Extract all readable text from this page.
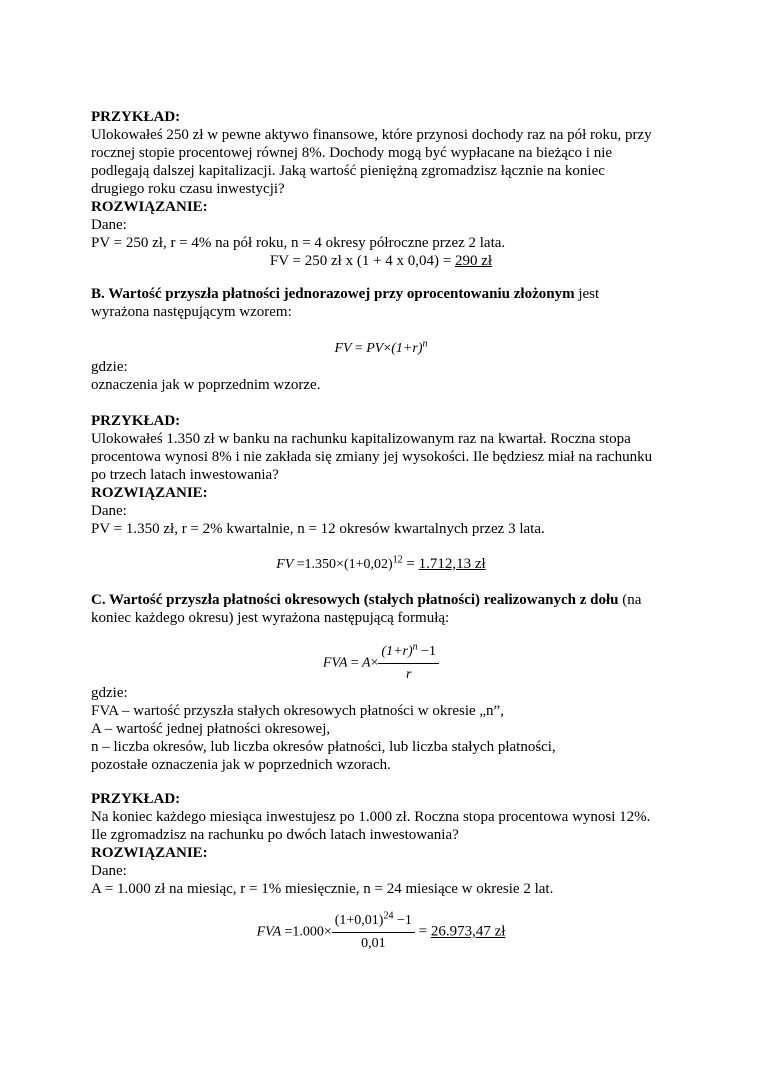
PRZYKŁAD:
Ulokowałeś 250 zł w pewne aktywo finansowe, które przynosi dochody raz na pół roku, przy
rocznej stopie procentowej równej 8%. Dochody mogą być wypłacane na bieżąco i nie
podlegają dalszej kapitalizacji. Jaką wartość pieniężną zgromadzisz łącznie na koniec
drugiego roku czasu inwestycji?
ROZWIĄZANIE:
Dane:
PV = 250 zł, r = 4% na pół roku, n = 4 okresy półroczne przez 2 lata.
FV = 250 zł x (1 + 4 x 0,04) = 290 zł
B. Wartość przyszła płatności jednorazowej przy oprocentowaniu złożonym jest
wyrażona następującym wzorem:
FV = $PV\times(1+r)^n$
gdzie:
oznaczenia jak w poprzednim wzorze.
PRZYKŁAD:
Ulokowałeś 1.350 zł w banku na rachunku kapitalizowanym raz na kwartał. Roczna stopa
procentowa wynosi 8% i nie zakłada się zmiany jej wysokości. Ile będziesz miał na rachunku
po trzech latach inwestowania?
ROZWIĄZANIE:
Dane:
PV = 1.350 zł, r = 2% kwartalnie, n = 12 okresów kwartalnych przez 3 lata.
FV $=1.350\times(1+0,02)^{12} = 1.712,13$ zł
C. Wartość przyszła płatności okresowych (stałych płatności) realizowanych z dołu (na
koniec każdego okresu) jest wyrażona następującą formułą:
FVA = $A\times \frac{(1+r)^n -1}{r}$
gdzie:
FVA – wartość przyszła stałych okresowych płatności w okresie „n”,
A – wartość jednej płatności okresowej,
n – liczba okresów, lub liczba okresów płatności, lub liczba stałych płatności,
pozostałe oznaczenia jak w poprzednich wzorach.
PRZYKŁAD:
Na koniec każdego miesiąca inwestujesz po 1.000 zł. Roczna stopa procentowa wynosi 12%.
Ile zgromadzisz na rachunku po dwóch latach inwestowania?
ROZWIĄZANIE:
Dane:
A = 1.000 zł na miesiąc, r = 1% miesięcznie, n = 24 miesiące w okresie 2 lat.
FVA $=1.000\times \frac{(1+0,01)^{24} -1}{0,01} = 26.973,47$ zł
